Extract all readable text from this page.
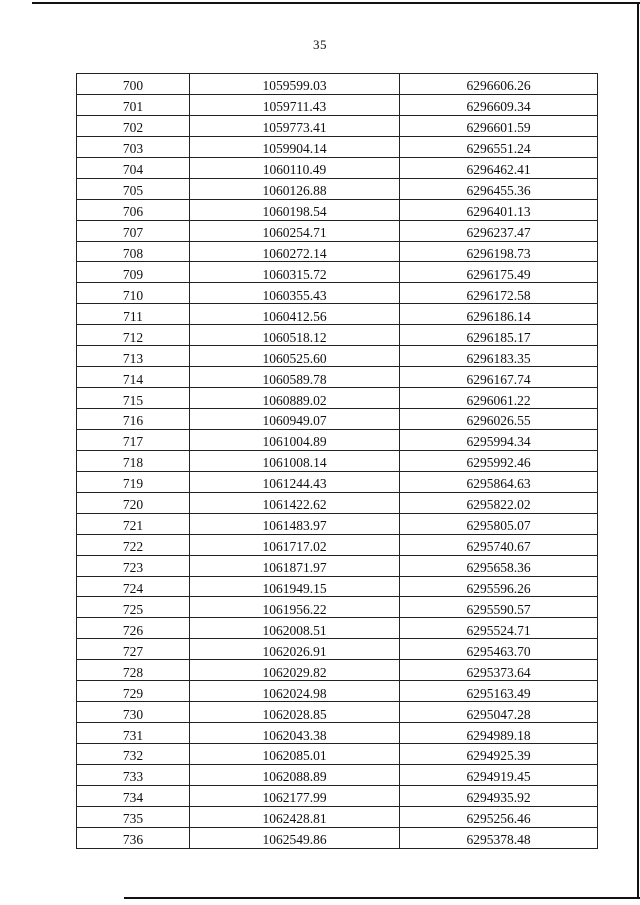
35
700	1059599.03	6296606.26
701	1059711.43	6296609.34
702	1059773.41	6296601.59
703	1059904.14	6296551.24
704	1060110.49	6296462.41
705	1060126.88	6296455.36
706	1060198.54	6296401.13
707	1060254.71	6296237.47
708	1060272.14	6296198.73
709	1060315.72	6296175.49
710	1060355.43	6296172.58
711	1060412.56	6296186.14
712	1060518.12	6296185.17
713	1060525.60	6296183.35
714	1060589.78	6296167.74
715	1060889.02	6296061.22
716	1060949.07	6296026.55
717	1061004.89	6295994.34
718	1061008.14	6295992.46
719	1061244.43	6295864.63
720	1061422.62	6295822.02
721	1061483.97	6295805.07
722	1061717.02	6295740.67
723	1061871.97	6295658.36
724	1061949.15	6295596.26
725	1061956.22	6295590.57
726	1062008.51	6295524.71
727	1062026.91	6295463.70
728	1062029.82	6295373.64
729	1062024.98	6295163.49
730	1062028.85	6295047.28
731	1062043.38	6294989.18
732	1062085.01	6294925.39
733	1062088.89	6294919.45
734	1062177.99	6294935.92
735	1062428.81	6295256.46
736	1062549.86	6295378.48
